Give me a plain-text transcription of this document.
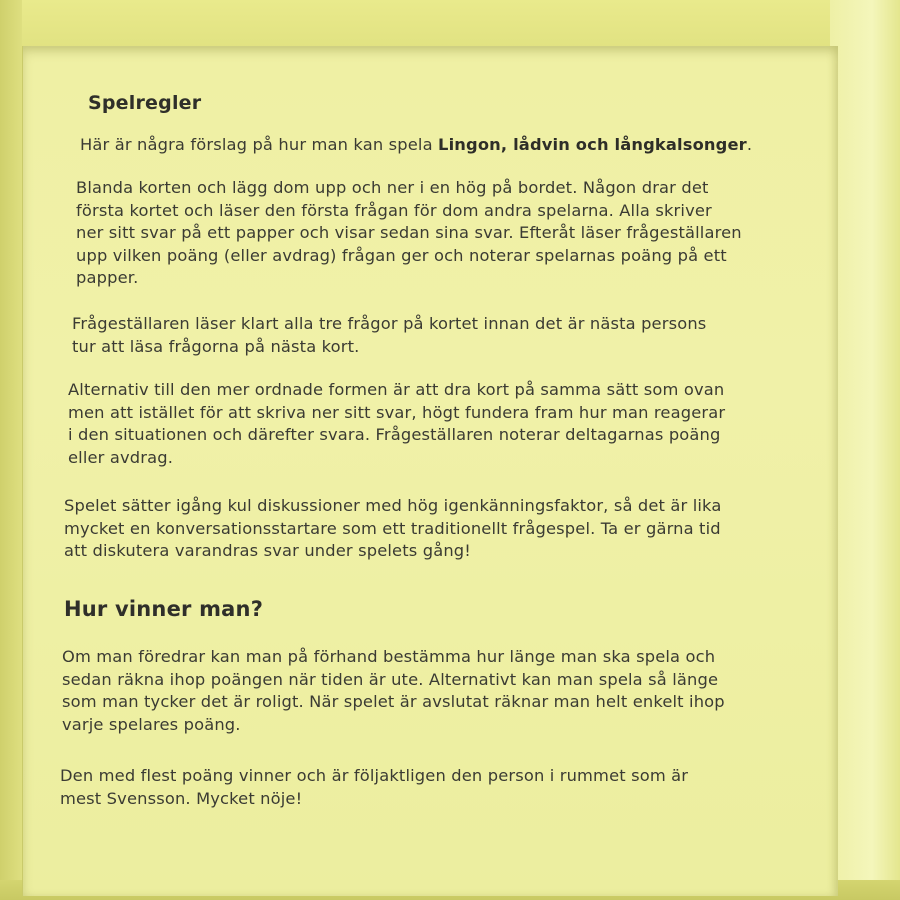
Spelregler
Här är några förslag på hur man kan spela Lingon, lådvin och långkalsonger.
Blanda korten och lägg dom upp och ner i en hög på bordet. Någon drar det
första kortet och läser den första frågan för dom andra spelarna. Alla skriver
ner sitt svar på ett papper och visar sedan sina svar. Efteråt läser frågeställaren
upp vilken poäng (eller avdrag) frågan ger och noterar spelarnas poäng på ett
papper.
Frågeställaren läser klart alla tre frågor på kortet innan det är nästa persons
tur att läsa frågorna på nästa kort.
Alternativ till den mer ordnade formen är att dra kort på samma sätt som ovan
men att istället för att skriva ner sitt svar, högt fundera fram hur man reagerar
i den situationen och därefter svara. Frågeställaren noterar deltagarnas poäng
eller avdrag.
Spelet sätter igång kul diskussioner med hög igenkänningsfaktor, så det är lika
mycket en konversationsstartare som ett traditionellt frågespel. Ta er gärna tid
att diskutera varandras svar under spelets gång!
Hur vinner man?
Om man föredrar kan man på förhand bestämma hur länge man ska spela och
sedan räkna ihop poängen när tiden är ute. Alternativt kan man spela så länge
som man tycker det är roligt. När spelet är avslutat räknar man helt enkelt ihop
varje spelares poäng.
Den med flest poäng vinner och är följaktligen den person i rummet som är
mest Svensson. Mycket nöje!
